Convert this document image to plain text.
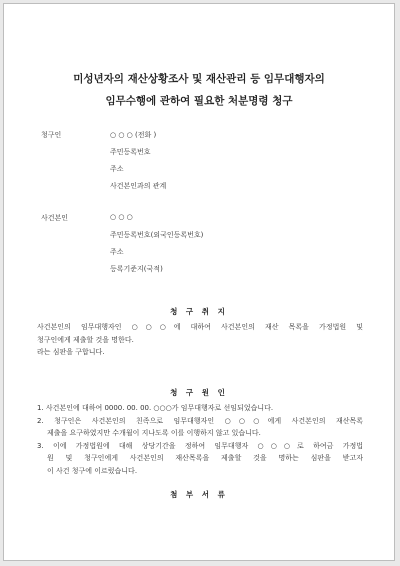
미성년자의 재산상황조사 및 재산관리 등 임무대행자의
임무수행에 관하여 필요한 처분명령 청구
청구인	○ ○ ○ (전화 )
주민등록번호
주소
사건본인과의 관계
사건본인	○ ○ ○
주민등록번호(외국인등록번호)
주소
등록기준지(국적)
청 구 취 지
사건본인의 임무대행자인 ○○○에 대하여 사건본인의 재산 목록을 가정법원 및
청구인에게 제출할 것을 명한다.
라는 심판을 구합니다.
청 구 원 인
1. 사건본인에 대하여 0000. 00. 00. ○○○가 임무대행자로 선임되었습니다.
2. 청구인은 사건본인의 친족으로 임무대행자인 ○○○에게 사건본인의 재산목록
제출을 요구하였지만 수개월이 지나도록 이를 이행하지 않고 있습니다.
3. 이에 가정법원에 대해 상당기간을 정하여 임무대행자 ○○○로 하여금 가정법
원 및 청구인에게 사건본인의 재산목록을 제출할 것을 명하는 심판을 받고자
이 사건 청구에 이르렀습니다.
첨 부 서 류
